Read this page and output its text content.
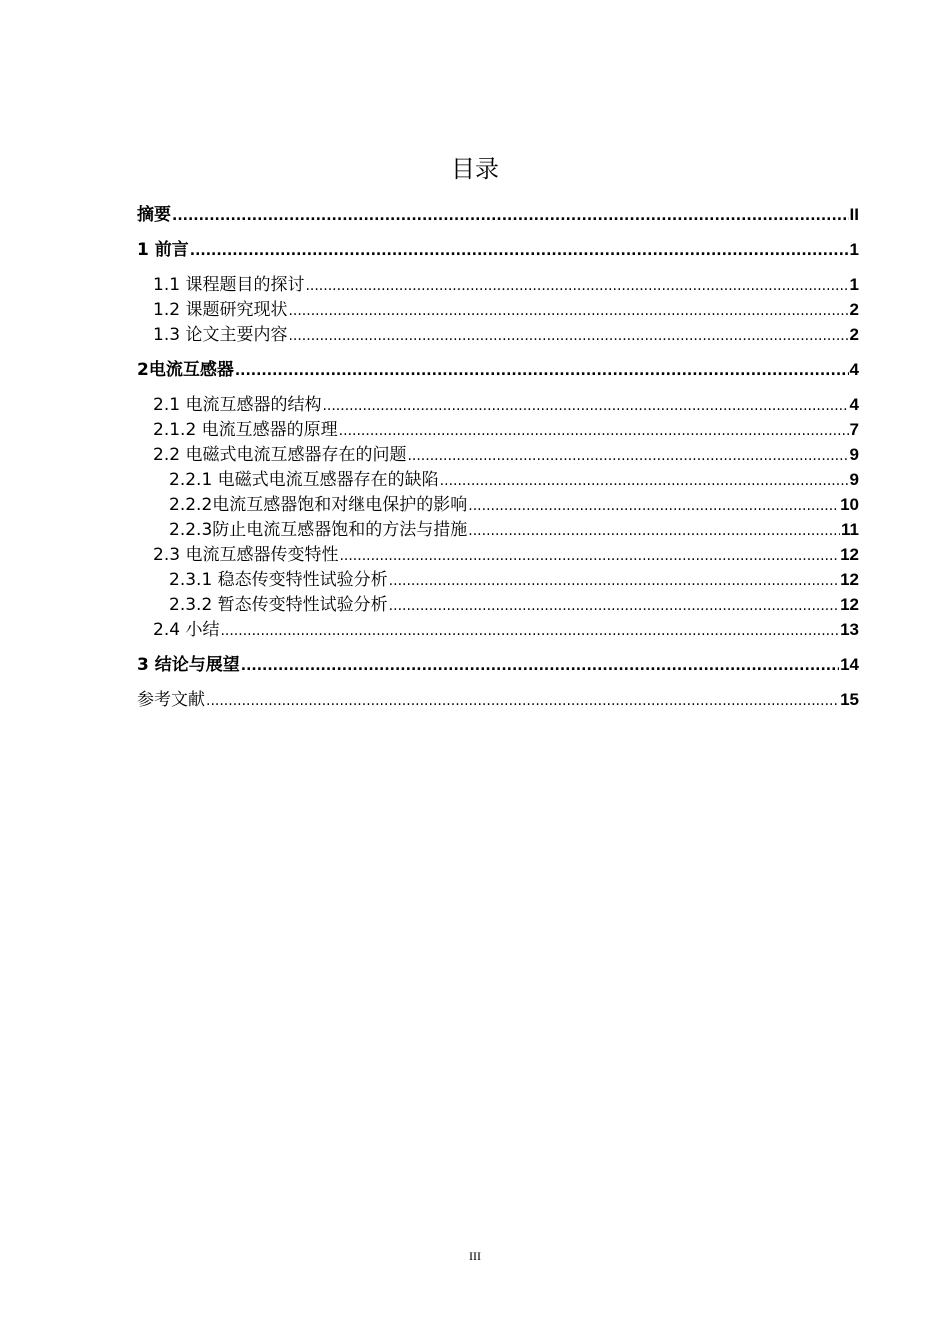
目录
摘要 .....	II
1 前言 .....	1
1.1 课程题目的探讨 .....	1
1.2 课题研究现状 .....	2
1.3 论文主要内容 .....	2
2电流互感器 .....	4
2.1 电流互感器的结构 .....	4
2.1.2 电流互感器的原理 .....	7
2.2 电磁式电流互感器存在的问题 .....	9
2.2.1 电磁式电流互感器存在的缺陷 .....	9
2.2.2电流互感器饱和对继电保护的影响 .....	10
2.2.3防止电流互感器饱和的方法与措施 .....	11
2.3 电流互感器传变特性 .....	12
2.3.1 稳态传变特性试验分析 .....	12
2.3.2 暂态传变特性试验分析 .....	12
2.4 小结 .....	13
3 结论与展望 .....	14
参考文献 .....	15
III
